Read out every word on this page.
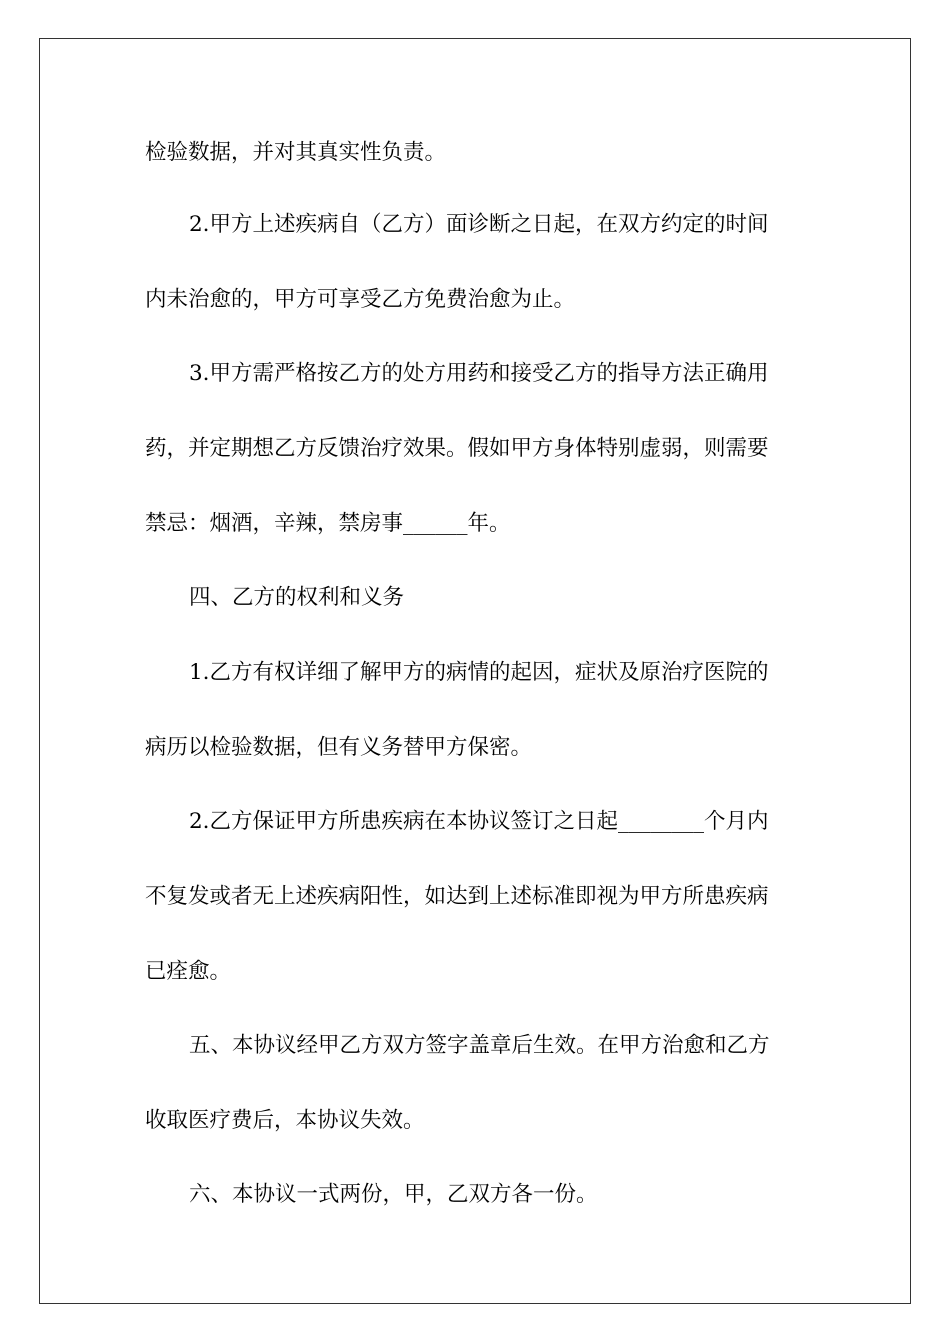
检验数据，并对其真实性负责。
2.甲方上述疾病自（乙方）面诊断之日起，在双方约定的时间
内未治愈的，甲方可享受乙方免费治愈为止。
3.甲方需严格按乙方的处方用药和接受乙方的指导方法正确用
药，并定期想乙方反馈治疗效果。假如甲方身体特别虚弱，则需要
禁忌：烟酒，辛辣，禁房事______年。
四、乙方的权利和义务
1.乙方有权详细了解甲方的病情的起因，症状及原治疗医院的
病历以检验数据，但有义务替甲方保密。
2.乙方保证甲方所患疾病在本协议签订之日起________个月内
不复发或者无上述疾病阳性，如达到上述标准即视为甲方所患疾病
已痊愈。
五、本协议经甲乙方双方签字盖章后生效。在甲方治愈和乙方
收取医疗费后，本协议失效。
六、本协议一式两份，甲，乙双方各一份。
